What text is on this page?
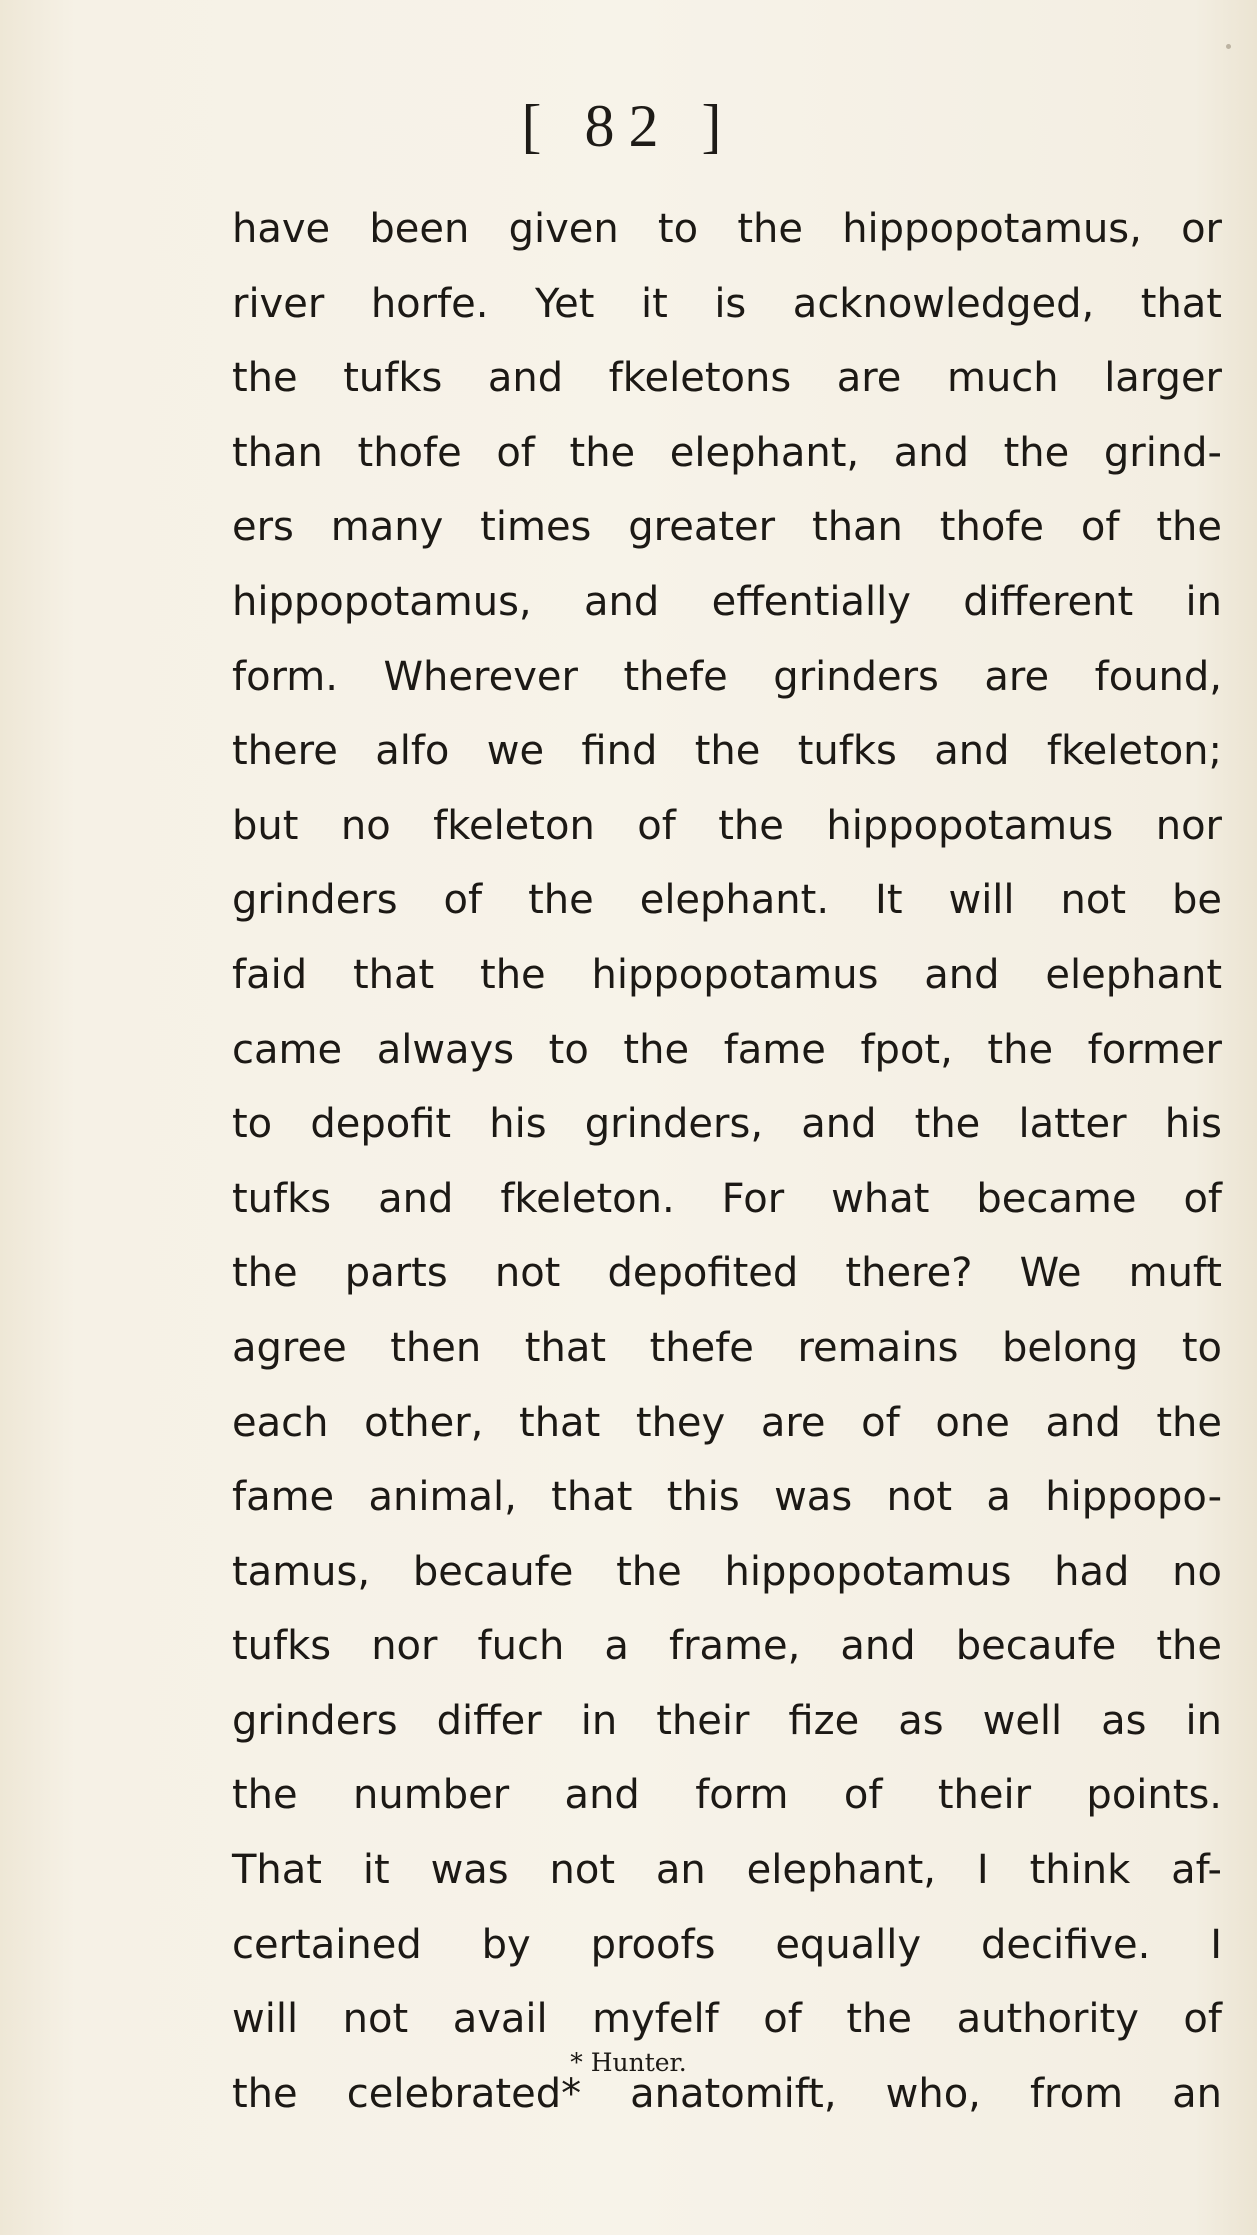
[ 82 ]
have been given to the hippopotamus, or
river horfe. Yet it is acknowledged, that
the tufks and fkeletons are much larger
than thofe of the elephant, and the grind-
ers many times greater than thofe of the
hippopotamus, and effentially different in
form. Wherever thefe grinders are found,
there alfo we find the tufks and fkeleton;
but no fkeleton of the hippopotamus nor
grinders of the elephant. It will not be
faid that the hippopotamus and elephant
came always to the fame fpot, the former
to depofit his grinders, and the latter his
tufks and fkeleton. For what became of
the parts not depofited there? We muft
agree then that thefe remains belong to
each other, that they are of one and the
fame animal, that this was not a hippopo-
tamus, becaufe the hippopotamus had no
tufks nor fuch a frame, and becaufe the
grinders differ in their fize as well as in
the number and form of their points.
That it was not an elephant, I think af-
certained by proofs equally decifive. I
will not avail myfelf of the authority of
the celebrated* anatomift, who, from an
* Hunter.
